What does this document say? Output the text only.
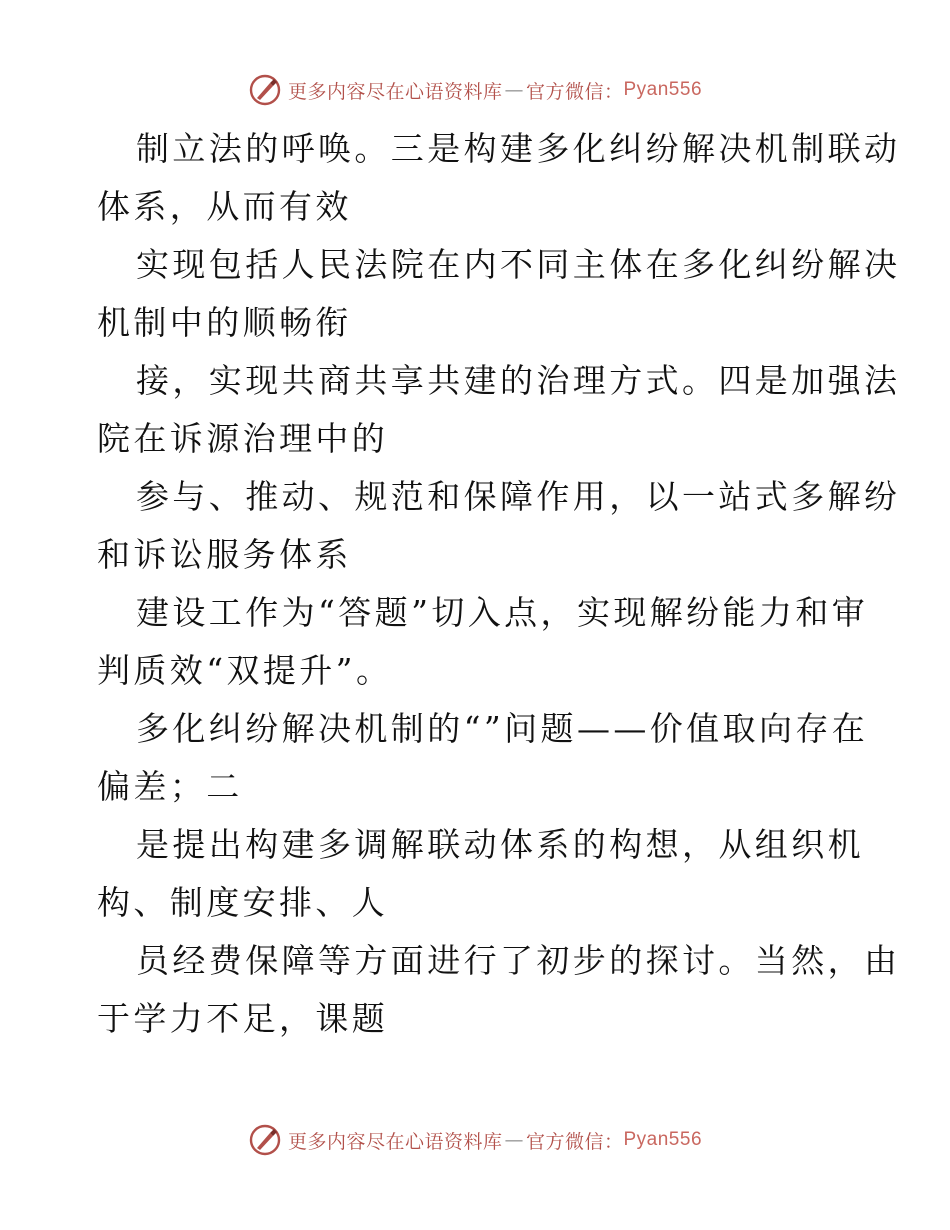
更多内容尽在心语资料库 — 官方微信： Pyan556

制立法的呼唤。三是构建多化纠纷解决机制联动
体系，从而有效

实现包括人民法院在内不同主体在多化纠纷解决
机制中的顺畅衔

接，实现共商共享共建的治理方式。四是加强法
院在诉源治理中的

参与、推动、规范和保障作用，以一站式多解纷
和诉讼服务体系

建设工作为“答题”切入点，实现解纷能力和审
判质效“双提升”。

多化纠纷解决机制的“”问题——价值取向存在
偏差；二

是提出构建多调解联动体系的构想，从组织机
构、制度安排、人

员经费保障等方面进行了初步的探讨。当然，由
于学力不足，课题

更多内容尽在心语资料库 — 官方微信： Pyan556
